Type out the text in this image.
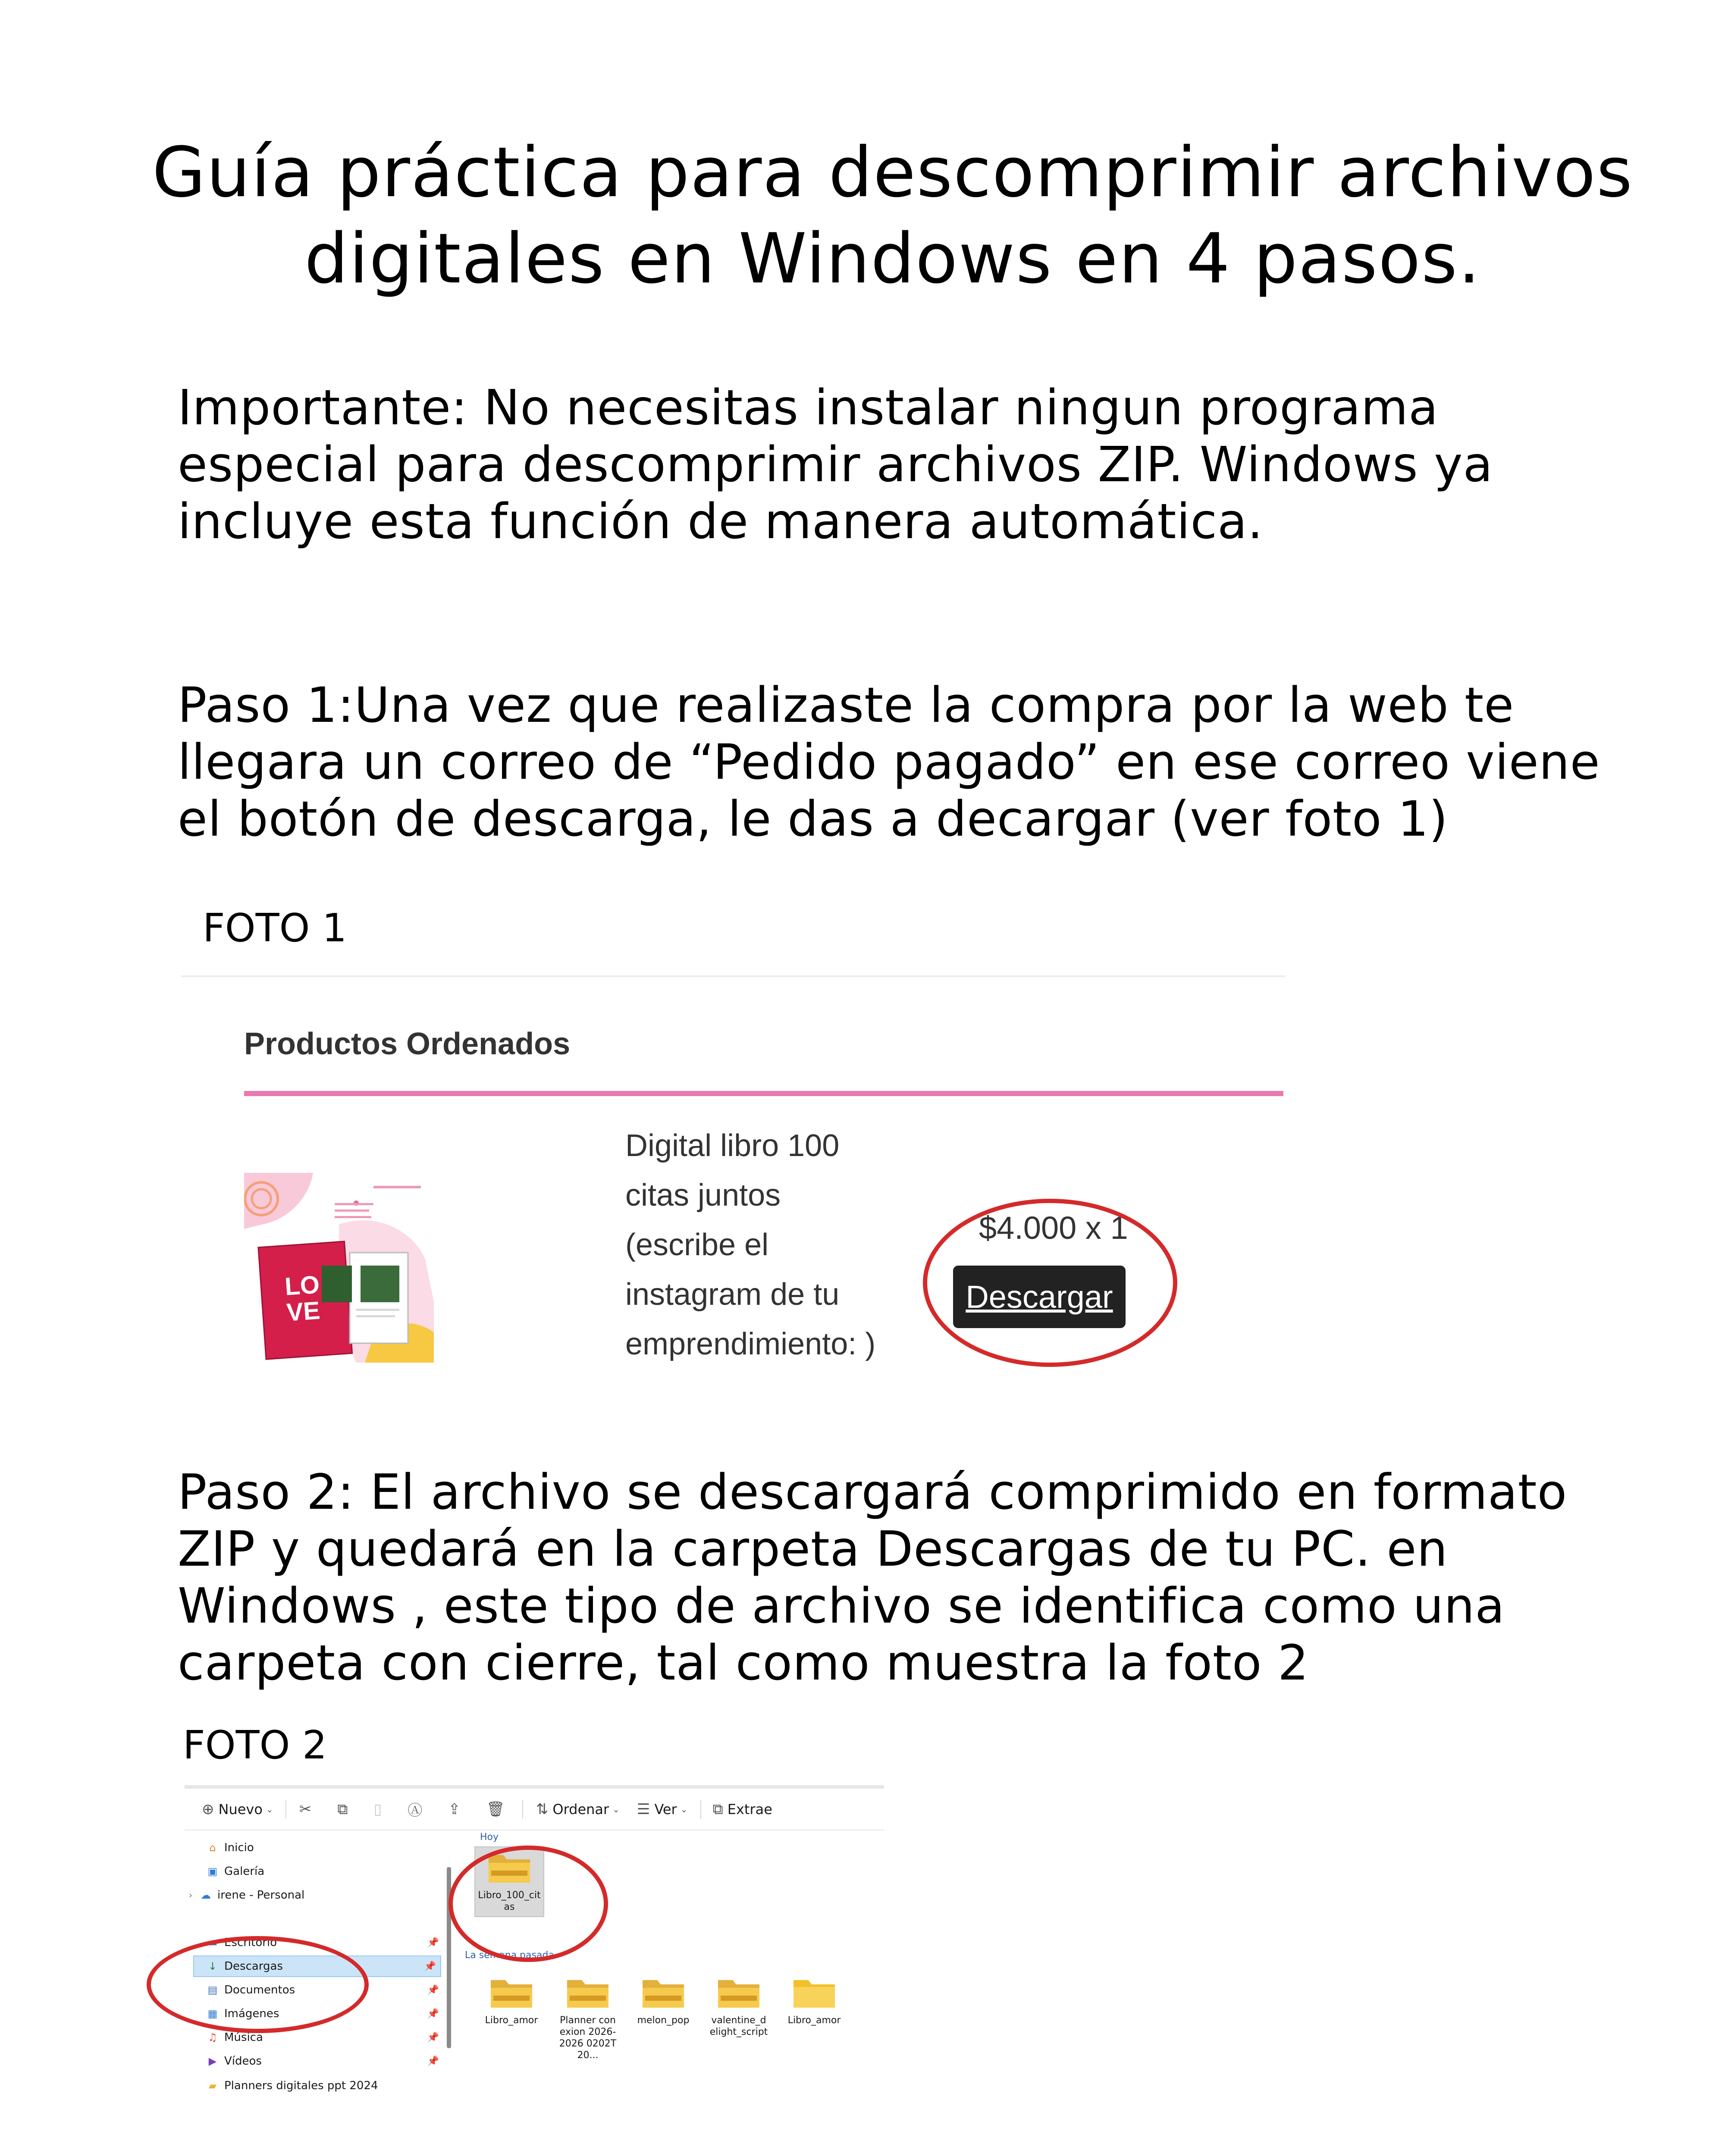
Guía práctica para descomprimir archivos digitales en Windows en 4 pasos.
Importante: No necesitas instalar ningun programa especial para descomprimir archivos ZIP. Windows ya incluye esta función de manera automática.
Paso 1:Una vez que realizaste la compra por la web te llegara un correo de “Pedido pagado” en ese correo viene el botón de descarga, le das a decargar (ver foto 1)
FOTO 1
Productos Ordenados
LO
VE
Digital libro 100 citas juntos (escribe el instagram de tu emprendimiento: )
$4.000 x 1
Descargar
Paso 2: El archivo se descargará comprimido en formato ZIP y quedará en la carpeta Descargas de tu PC. en Windows , este tipo de archivo se identifica como una carpeta con cierre, tal como muestra la foto 2
FOTO 2
⊕ Nuevo ⌄ ✂ ⧉ ▯ Ⓐ ⇪ 🗑 ⇅ Ordenar ⌄ ☰ Ver ⌄ ⧉ Extrae
⌂ Inicio
▣ Galería
› ☁ irene - Personal
▬ Escritorio	📌
↓ Descargas	📌
▤ Documentos	📌
▦ Imágenes	📌
♫ Música	📌
▶ Vídeos	📌
▰ Planners digitales ppt 2024
Hoy
Libro_100_citas
La semana pasada
Libro_amor Planner conexion 2026-2026 0202T20...
melon_pop valentine_delight_script
Libro_amor
